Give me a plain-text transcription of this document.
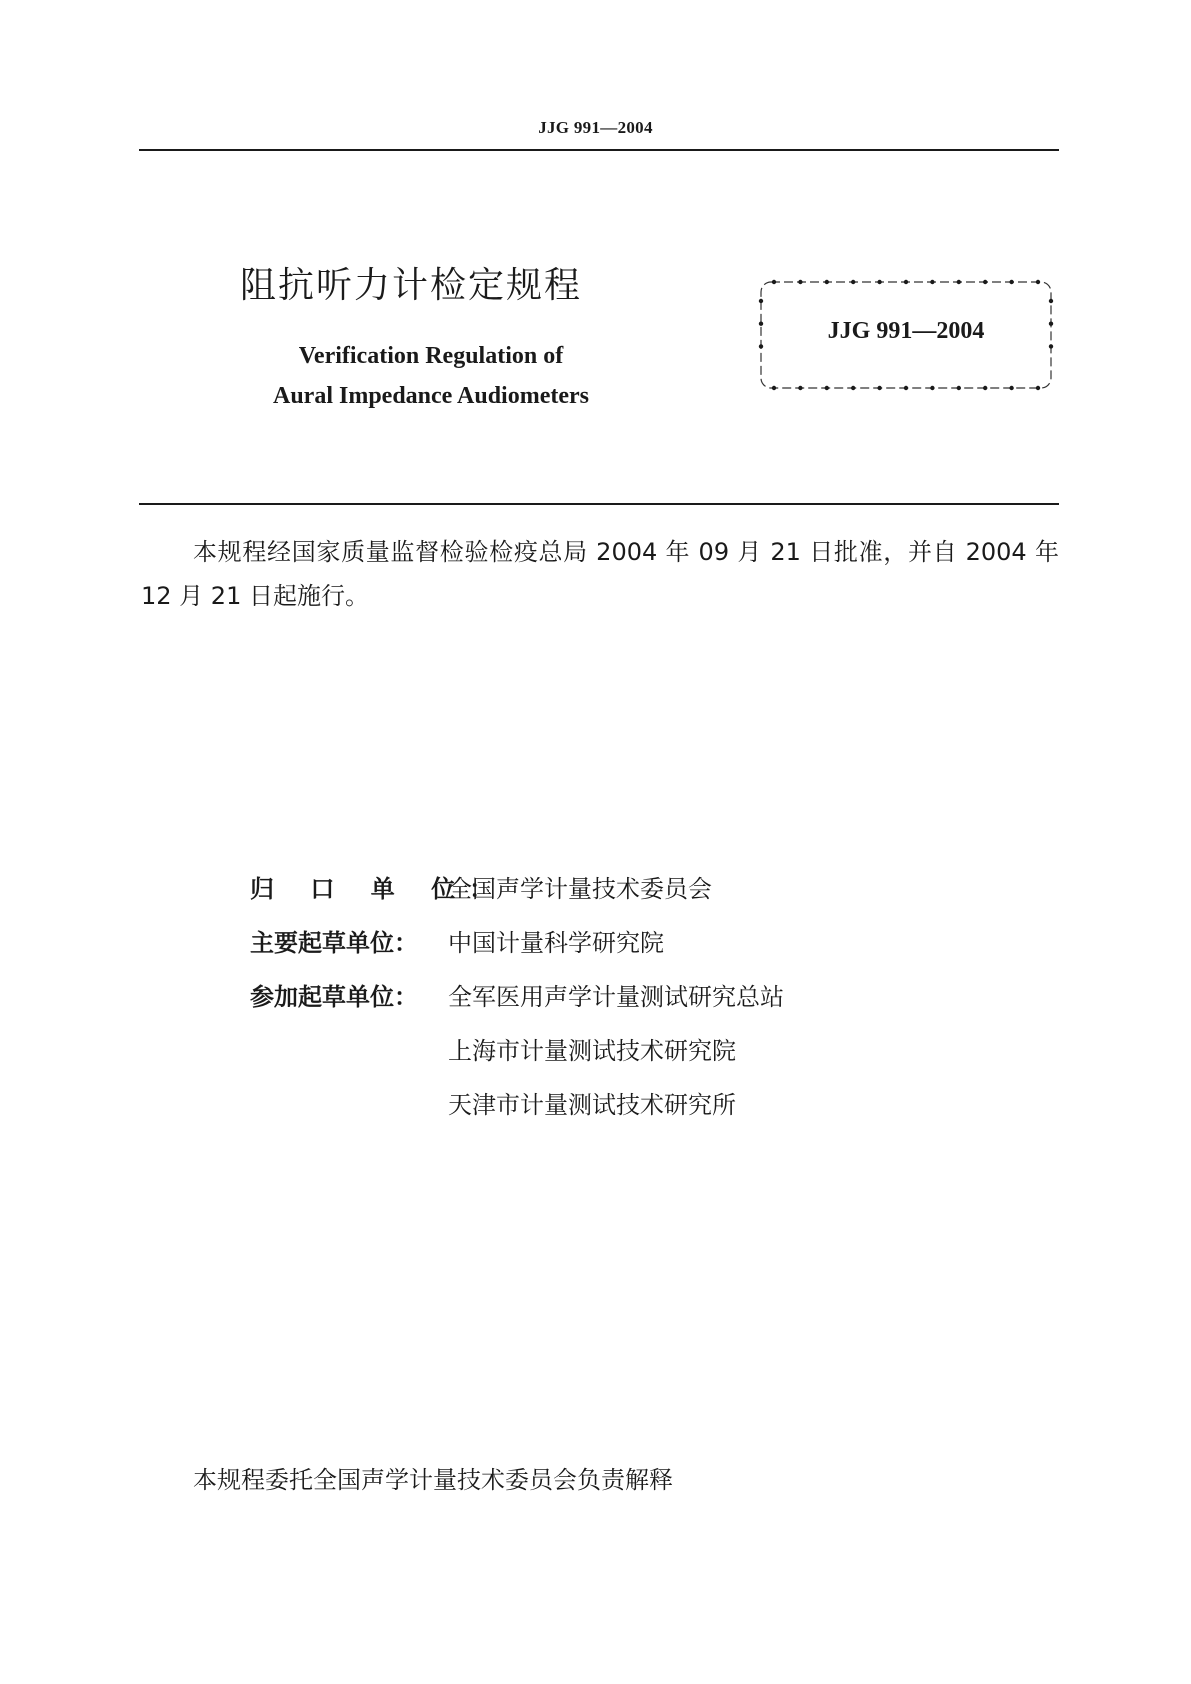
JJG 991—2004
阻抗听力计检定规程
Verification Regulation of
Aural Impedance Audiometers
JJG 991—2004

本规程经国家质量监督检验检疫总局 2004 年 09 月 21 日批准，并自 2004 年 12 月 21 日起施行。

归 口 单 位：全国声学计量技术委员会
主要起草单位： 中国计量科学研究院
参加起草单位： 全军医用声学计量测试研究总站
上海市计量测试技术研究院
天津市计量测试技术研究所
本规程委托全国声学计量技术委员会负责解释
